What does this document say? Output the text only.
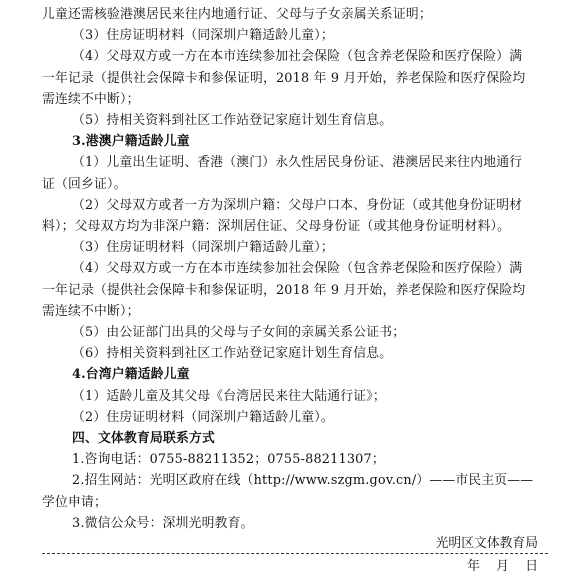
儿童还需核验港澳居民来往内地通行证、父母与子女亲属关系证明；
（3）住房证明材料（同深圳户籍适龄儿童）；
（4）父母双方或一方在本市连续参加社会保险（包含养老保险和医疗保险）满
一年记录（提供社会保障卡和参保证明，2018 年 9 月开始，养老保险和医疗保险均
需连续不中断）；
（5）持相关资料到社区工作站登记家庭计划生育信息。
3.港澳户籍适龄儿童
（1）儿童出生证明、香港（澳门）永久性居民身份证、港澳居民来往内地通行
证（回乡证）。
（2）父母双方或者一方为深圳户籍：父母户口本、身份证（或其他身份证明材
料）；父母双方均为非深户籍：深圳居住证、父母身份证（或其他身份证明材料）。
（3）住房证明材料（同深圳户籍适龄儿童）；
（4）父母双方或一方在本市连续参加社会保险（包含养老保险和医疗保险）满
一年记录（提供社会保障卡和参保证明，2018 年 9 月开始，养老保险和医疗保险均
需连续不中断）；
（5）由公证部门出具的父母与子女间的亲属关系公证书；
（6）持相关资料到社区工作站登记家庭计划生育信息。
4.台湾户籍适龄儿童
（1）适龄儿童及其父母《台湾居民来往大陆通行证》；
（2）住房证明材料（同深圳户籍适龄儿童）。
四、文体教育局联系方式
1.咨询电话：0755-88211352；0755-88211307；
2.招生网站：光明区政府在线（http://www.szgm.gov.cn/）——市民主页——
学位申请；
3.微信公众号：深圳光明教育。
光明区文体教育局
年    月    日
